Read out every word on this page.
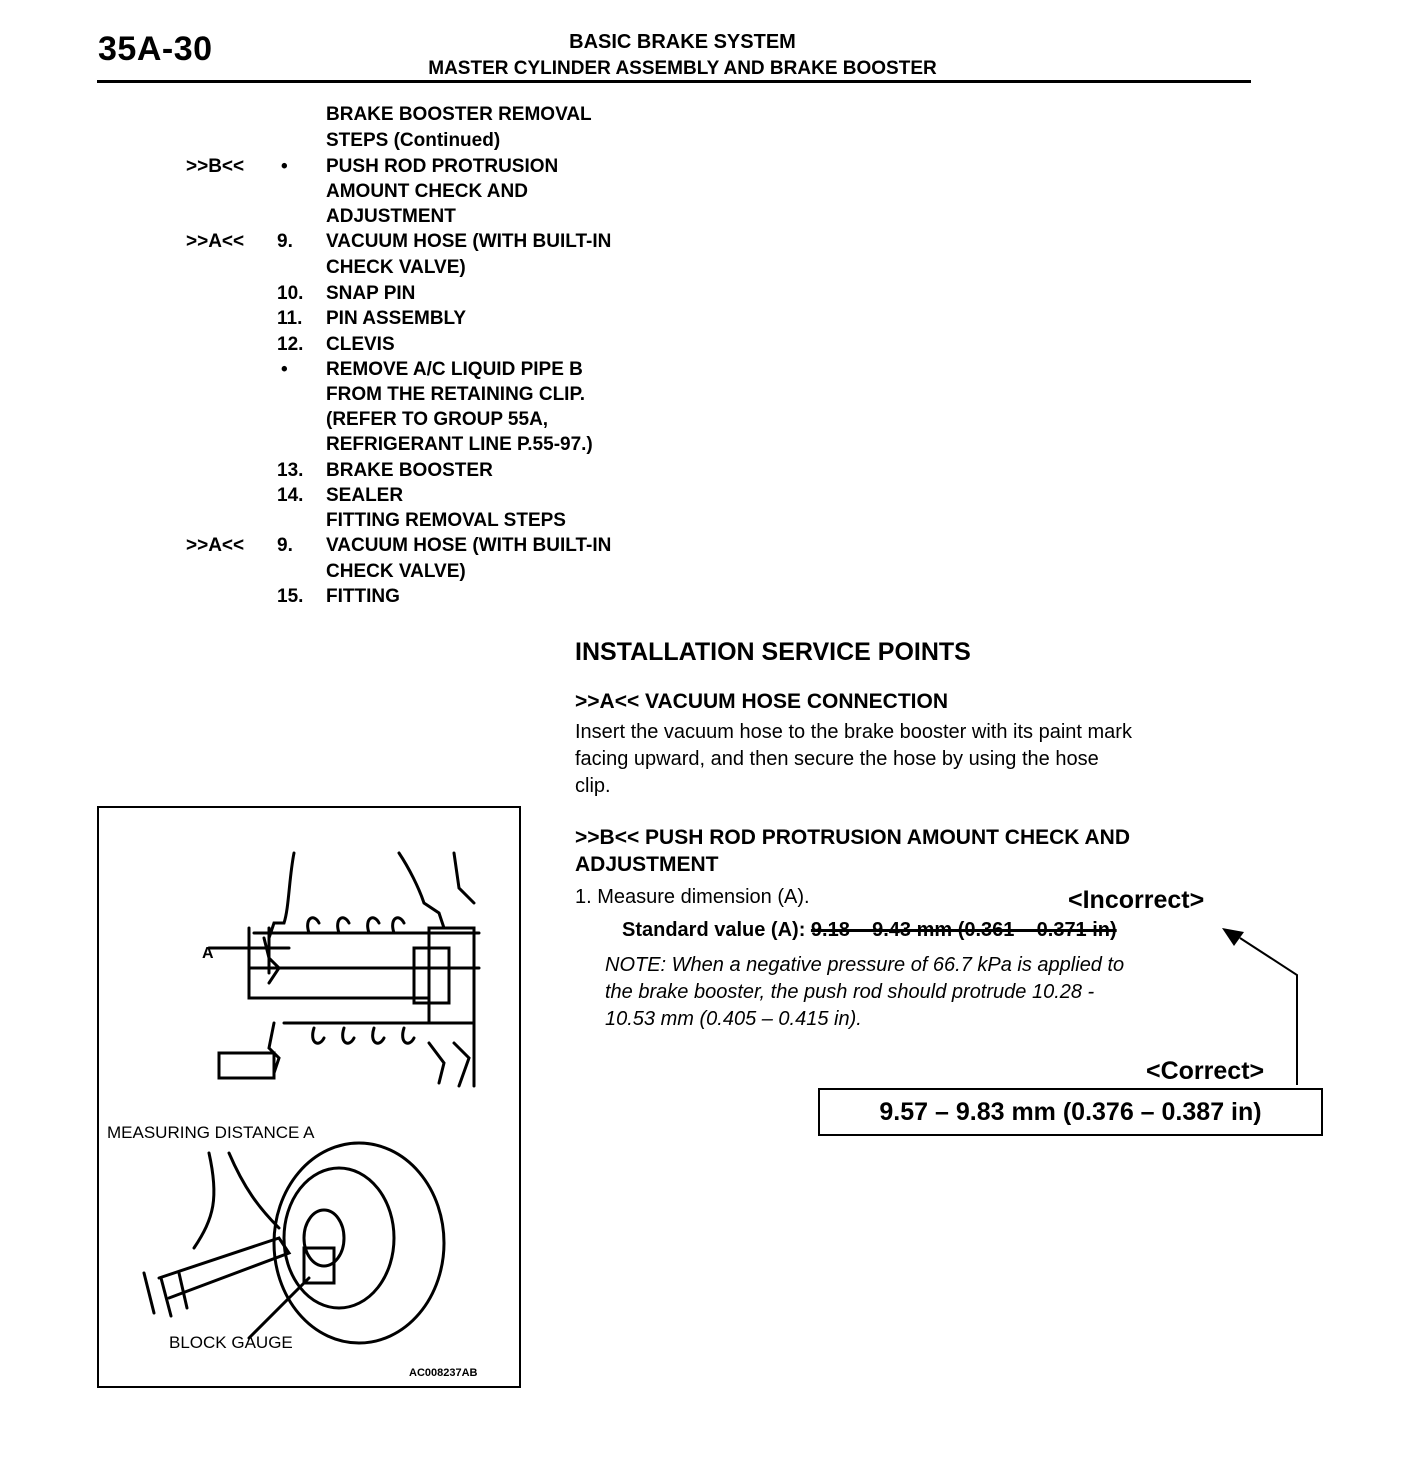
35A-30	BASIC BRAKE SYSTEM
MASTER CYLINDER ASSEMBLY AND BRAKE BOOSTER
BRAKE BOOSTER REMOVAL
STEPS (Continued)
>>B<< • PUSH ROD PROTRUSION
AMOUNT CHECK AND
ADJUSTMENT
>>A<< 9. VACUUM HOSE (WITH BUILT-IN
CHECK VALVE)
10. SNAP PIN
11. PIN ASSEMBLY
12. CLEVIS
• REMOVE A/C LIQUID PIPE B
FROM THE RETAINING CLIP.
(REFER TO GROUP 55A,
REFRIGERANT LINE P.55-97.)
13. BRAKE BOOSTER
14. SEALER
FITTING REMOVAL STEPS
>>A<< 9. VACUUM HOSE (WITH BUILT-IN
CHECK VALVE)
15. FITTING
INSTALLATION SERVICE POINTS
>>A<< VACUUM HOSE CONNECTION
Insert the vacuum hose to the brake booster with its paint mark
facing upward, and then secure the hose by using the hose
clip.
>>B<< PUSH ROD PROTRUSION AMOUNT CHECK AND
ADJUSTMENT
1. Measure dimension (A).
Standard value (A): 9.18 – 9.43 mm (0.361 – 0.371 in)
NOTE: When a negative pressure of 66.7 kPa is applied to
the brake booster, the push rod should protrude 10.28 -
10.53 mm (0.405 – 0.415 in).
<Incorrect>
<Correct>
9.57 – 9.83 mm (0.376 – 0.387 in)
A
MEASURING DISTANCE A
BLOCK GAUGE
AC008237AB
